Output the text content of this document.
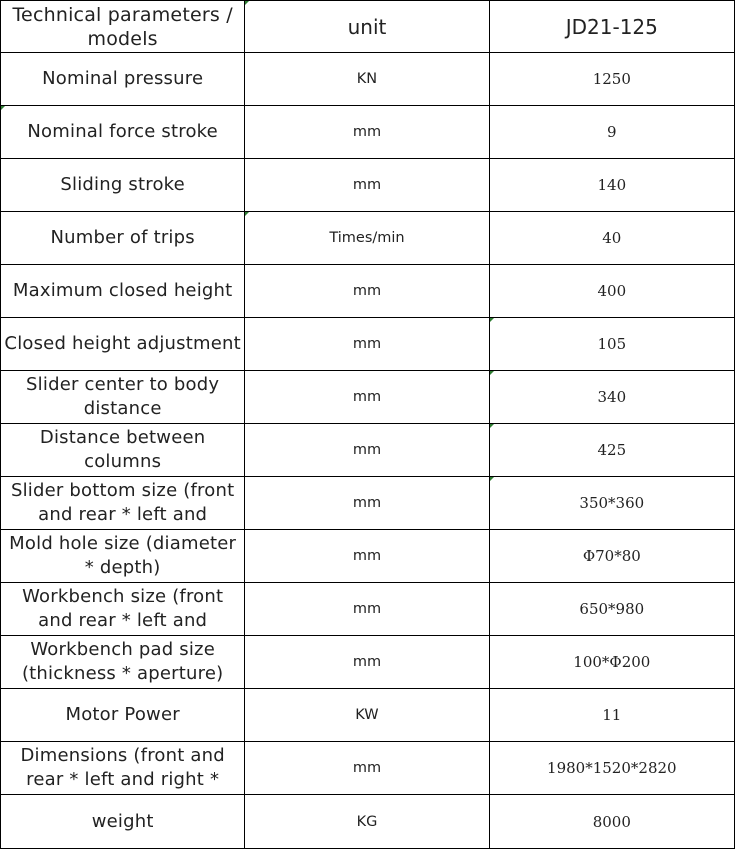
Technical parameters / models	unit	JD21-125

Nominal pressure	KN	1250

Nominal force stroke	mm	9

Sliding stroke	mm	140

Number of trips	Times/min	40

Maximum closed height	mm	400

Closed height adjustment	mm	105

Slider center to body distance	mm	340

Distance between columns	mm	425

Slider bottom size (front and rear * left and	mm	350*360

Mold hole size (diameter * depth)	mm	Φ70*80

Workbench size (front and rear * left and	mm	650*980

Workbench pad size (thickness * aperture)	mm	100*Φ200

Motor Power	KW	11

Dimensions (front and rear * left and right *	mm	1980*1520*2820

weight	KG	8000
